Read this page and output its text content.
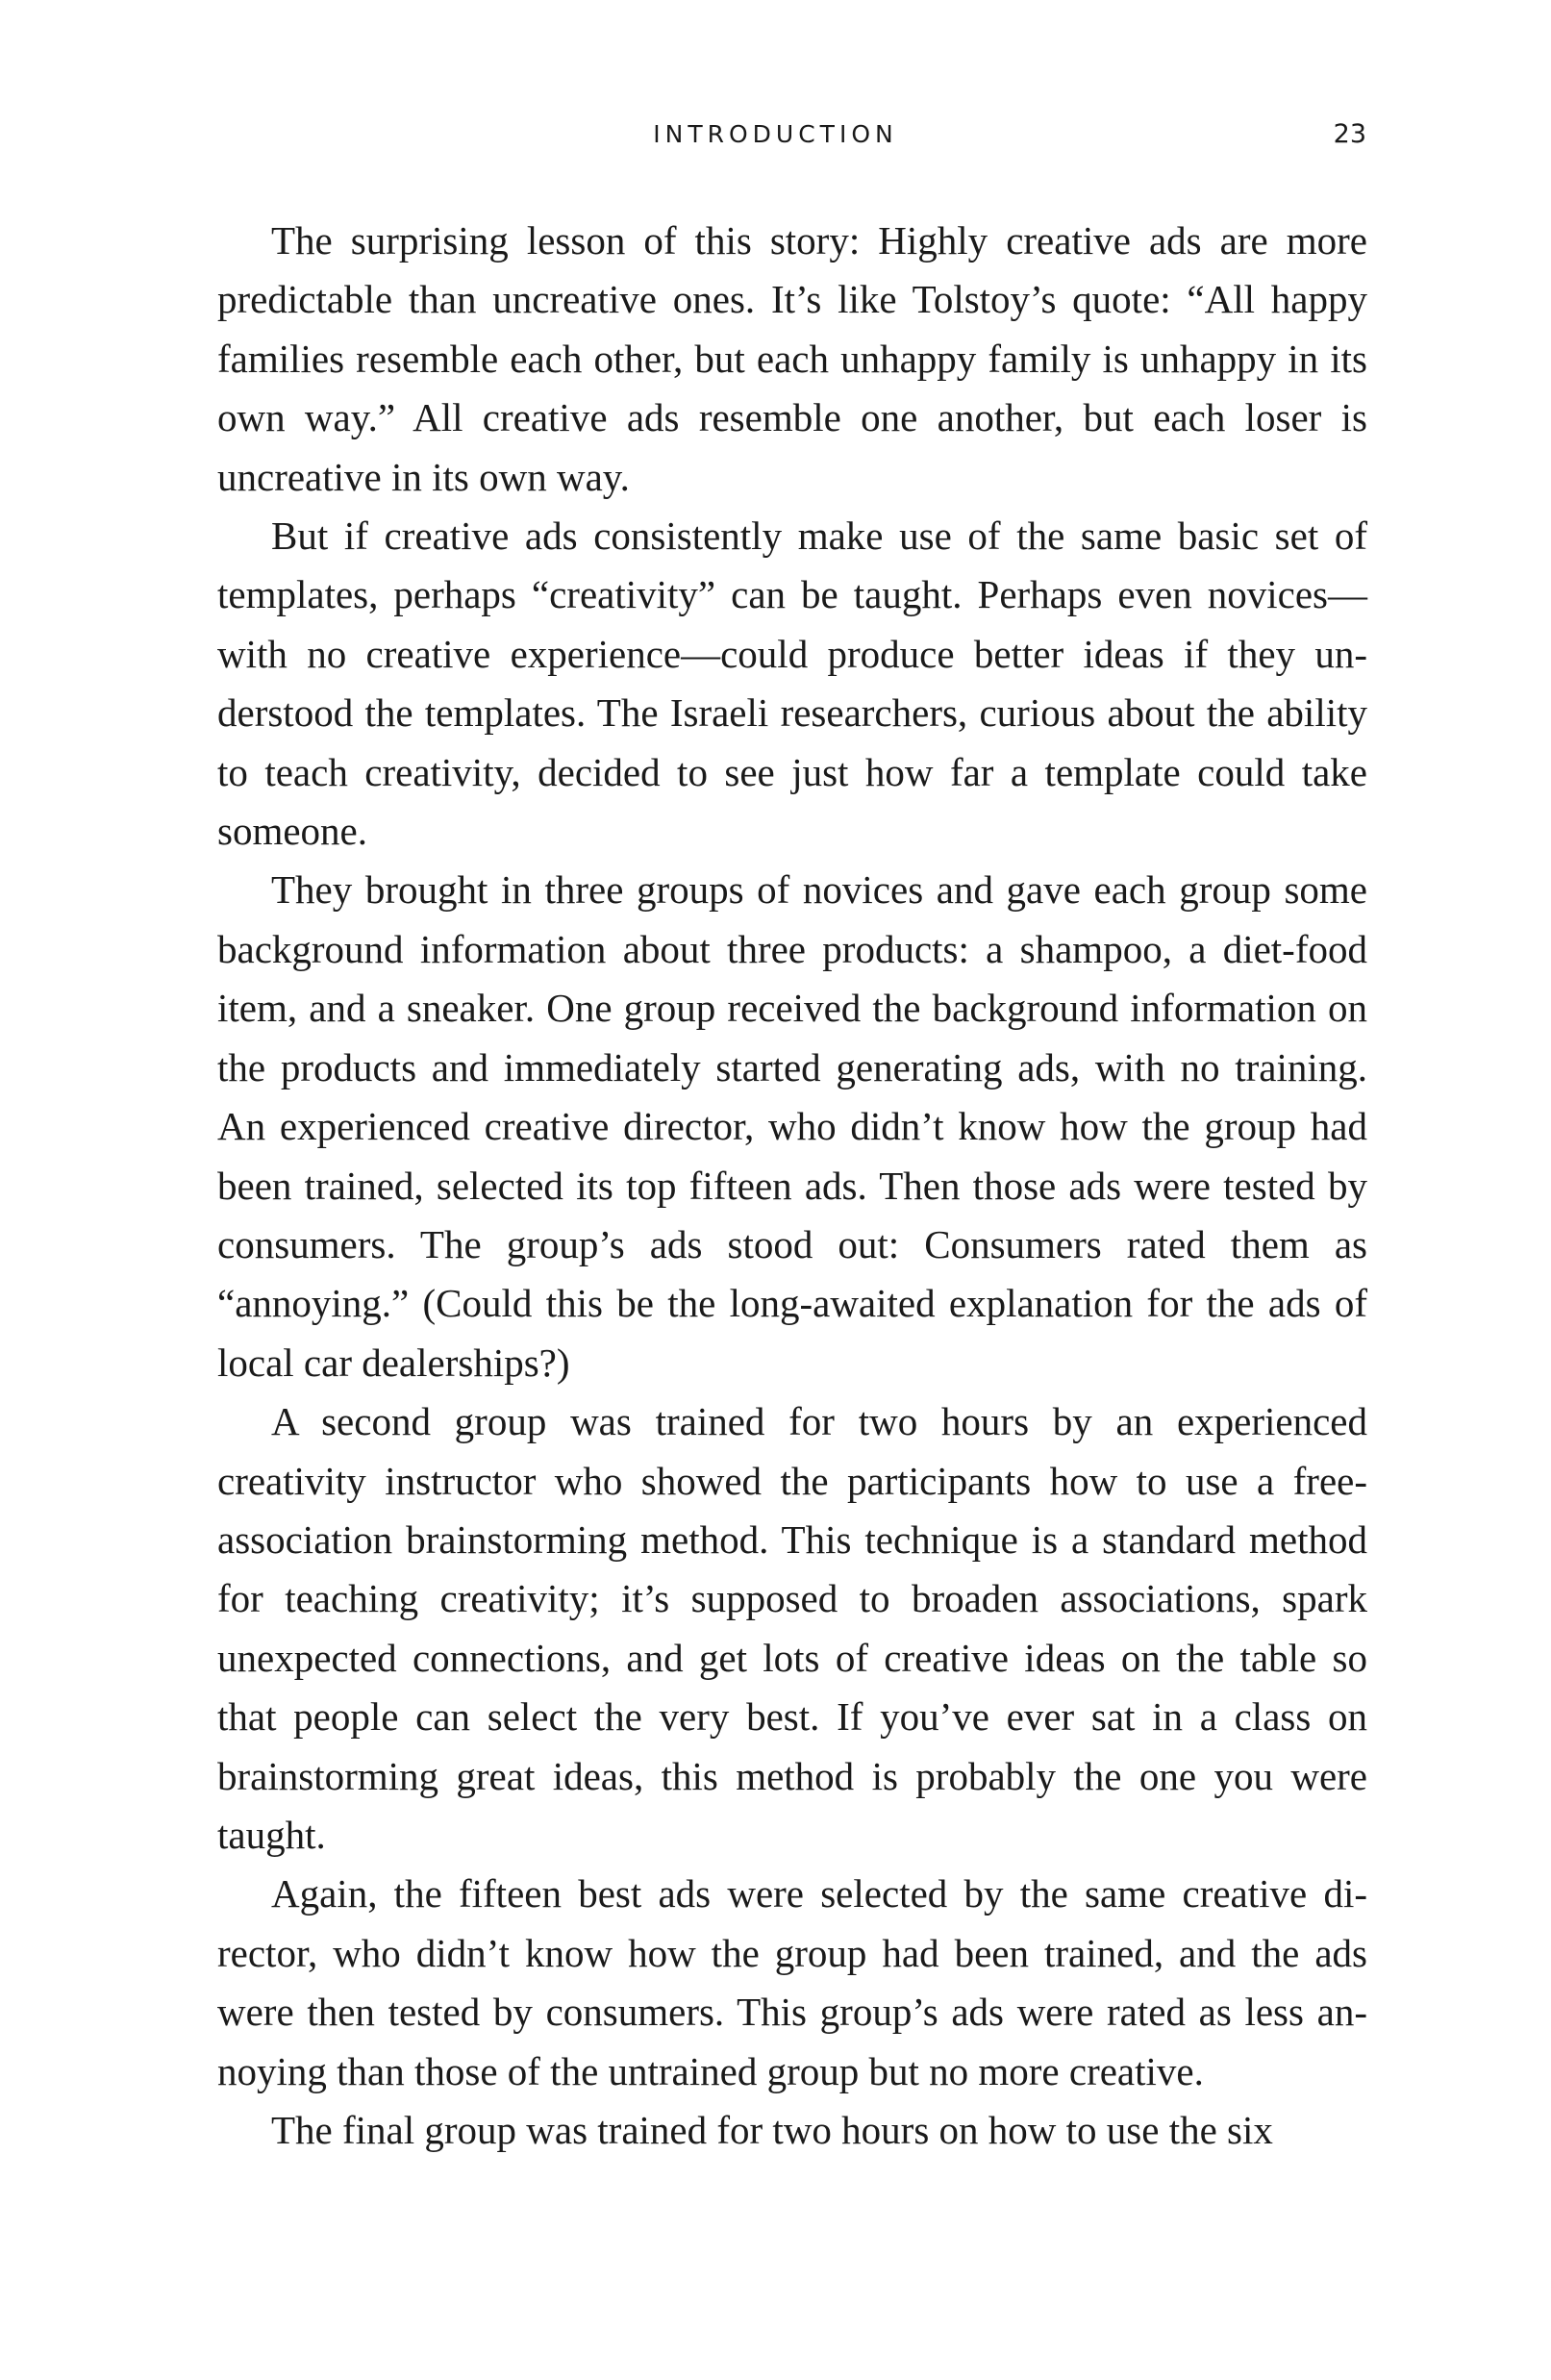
INTRODUCTION	23

The surprising lesson of this story: Highly creative ads are more predictable than uncreative ones. It’s like Tolstoy’s quote: “All happy families resemble each other, but each unhappy family is unhappy in its own way.” All creative ads resemble one another, but each loser is uncreative in its own way.

But if creative ads consistently make use of the same basic set of templates, perhaps “creativity” can be taught. Perhaps even novices—with no creative experience—could produce better ideas if they understood the templates. The Israeli researchers, curious about the ability to teach creativity, decided to see just how far a template could take someone.

They brought in three groups of novices and gave each group some background information about three products: a shampoo, a diet-food item, and a sneaker. One group received the background information on the products and immediately started generating ads, with no training. An experienced creative director, who didn’t know how the group had been trained, selected its top fifteen ads. Then those ads were tested by consumers. The group’s ads stood out: Consumers rated them as “annoying.” (Could this be the long-awaited explanation for the ads of local car dealerships?)

A second group was trained for two hours by an experienced creativity instructor who showed the participants how to use a free-association brainstorming method. This technique is a standard method for teaching creativity; it’s supposed to broaden associations, spark unexpected connections, and get lots of creative ideas on the table so that people can select the very best. If you’ve ever sat in a class on brainstorming great ideas, this method is probably the one you were taught.

Again, the fifteen best ads were selected by the same creative director, who didn’t know how the group had been trained, and the ads were then tested by consumers. This group’s ads were rated as less annoying than those of the untrained group but no more creative.

The final group was trained for two hours on how to use the six
